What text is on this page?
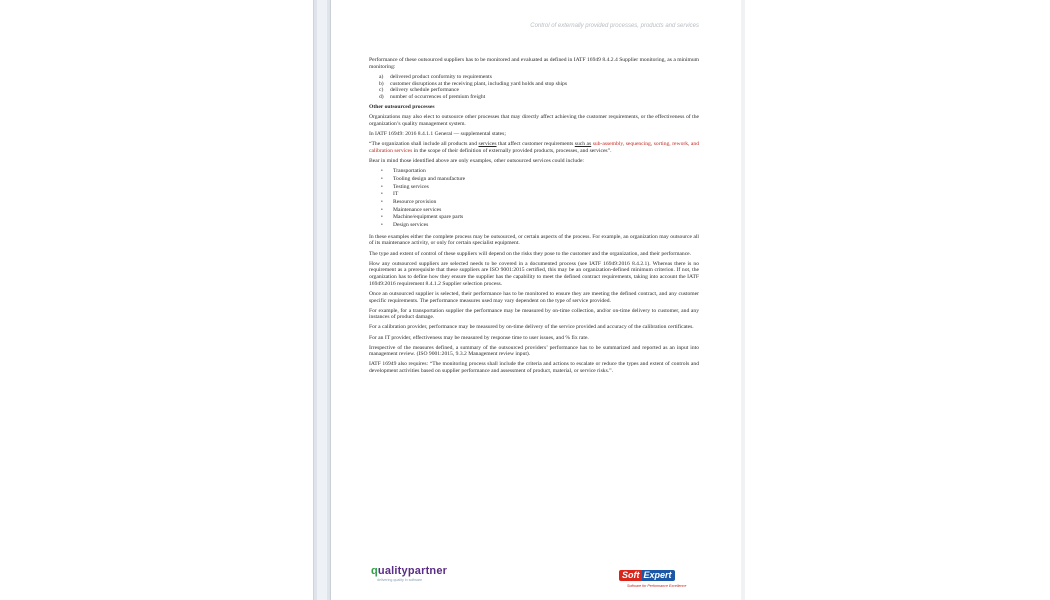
Control of externally provided processes, products and services

Performance of these outsourced suppliers has to be monitored and evaluated as defined in IATF 16949 8.4.2.4 Supplier monitoring, as a minimum monitoring:

a) delivered product conformity to requirements
b) customer disruptions at the receiving plant, including yard holds and stop ships
c) delivery schedule performance
d) number of occurrences of premium freight

Other outsourced processes

Organizations may also elect to outsource other processes that may directly affect achieving the customer requirements, or the effectiveness of the organization’s quality management system.

In IATF 16949: 2016 8.4.1.1 General — supplemental states;

“The organization shall include all products and services that affect customer requirements such as sub-assembly, sequencing, sorting, rework, and calibration services in the scope of their definition of externally provided products, processes, and services”.

Bear in mind those identified above are only examples, other outsourced services could include:

• Transportation
• Tooling design and manufacture
• Testing services
• IT
• Resource provision
• Maintenance services
• Machine/equipment spare parts
• Design services

In these examples either the complete process may be outsourced, or certain aspects of the process. For example, an organization may outsource all of its maintenance activity, or only for certain specialist equipment.

The type and extent of control of these suppliers will depend on the risks they pose to the customer and the organization, and their performance.

How any outsourced suppliers are selected needs to be covered in a documented process (see IATF 16949:2016 8.4.2.1). Whereas there is no requirement as a prerequisite that these suppliers are ISO 9001:2015 certified, this may be an organization-defined minimum criterion. If not, the organization has to define how they ensure the supplier has the capability to meet the defined contract requirements, taking into account the IATF 16949:2016 requirement 8.4.1.2 Supplier selection process.

Once an outsourced supplier is selected, their performance has to be monitored to ensure they are meeting the defined contract, and any customer specific requirements. The performance measures used may vary dependent on the type of service provided.

For example, for a transportation supplier the performance may be measured by on-time collection, and/or on-time delivery to customer, and any instances of product damage.

For a calibration provider, performance may be measured by on-time delivery of the service provided and accuracy of the calibration certificates.

For an IT provider, effectiveness may be measured by response time to user issues, and % fix rate.

Irrespective of the measures defined, a summary of the outsourced providers’ performance has to be summarized and reported as an input into management review. (ISO 9001:2015, 9.3.2 Management review input).

IATF 16949 also requires: “The monitoring process shall include the criteria and actions to escalate or reduce the types and extent of controls and development activities based on supplier performance and assessment of product, material, or service risks.”.

qualitypartner
delivering quality in software	Soft Expert
Software for Performance Excellence
